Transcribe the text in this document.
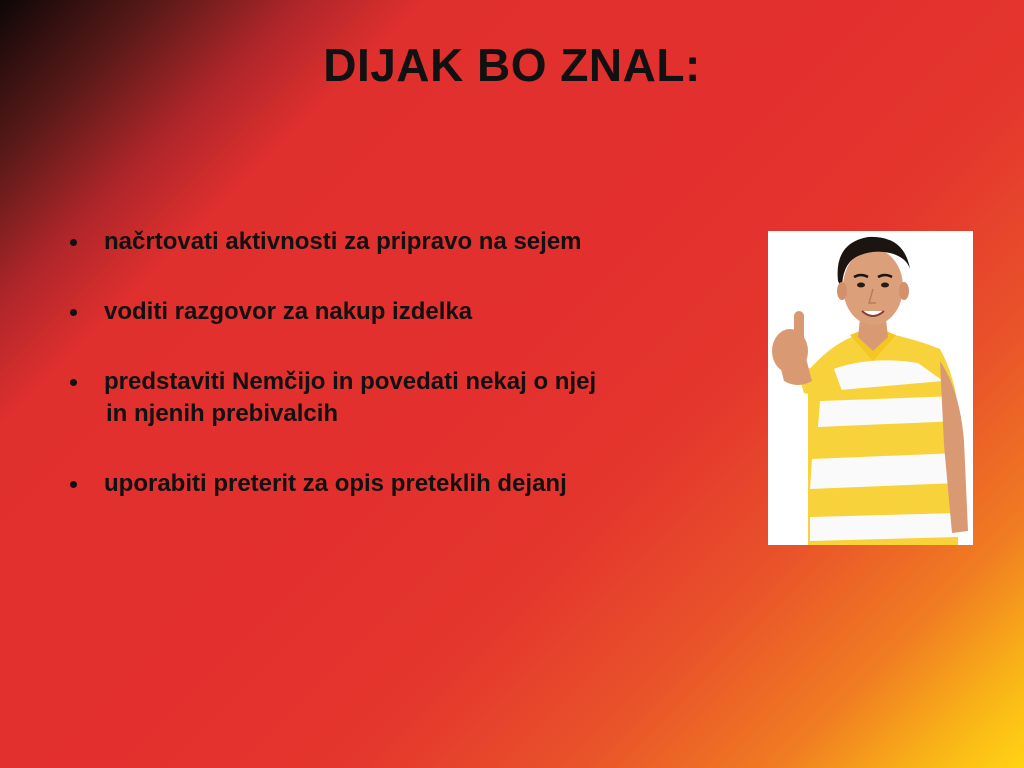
DIJAK BO ZNAL:
načrtovati aktivnosti za pripravo na sejem
voditi razgovor za nakup izdelka
predstaviti Nemčijo in povedati nekaj o njej
in njenih prebivalcih
uporabiti preterit za opis preteklih dejanj
